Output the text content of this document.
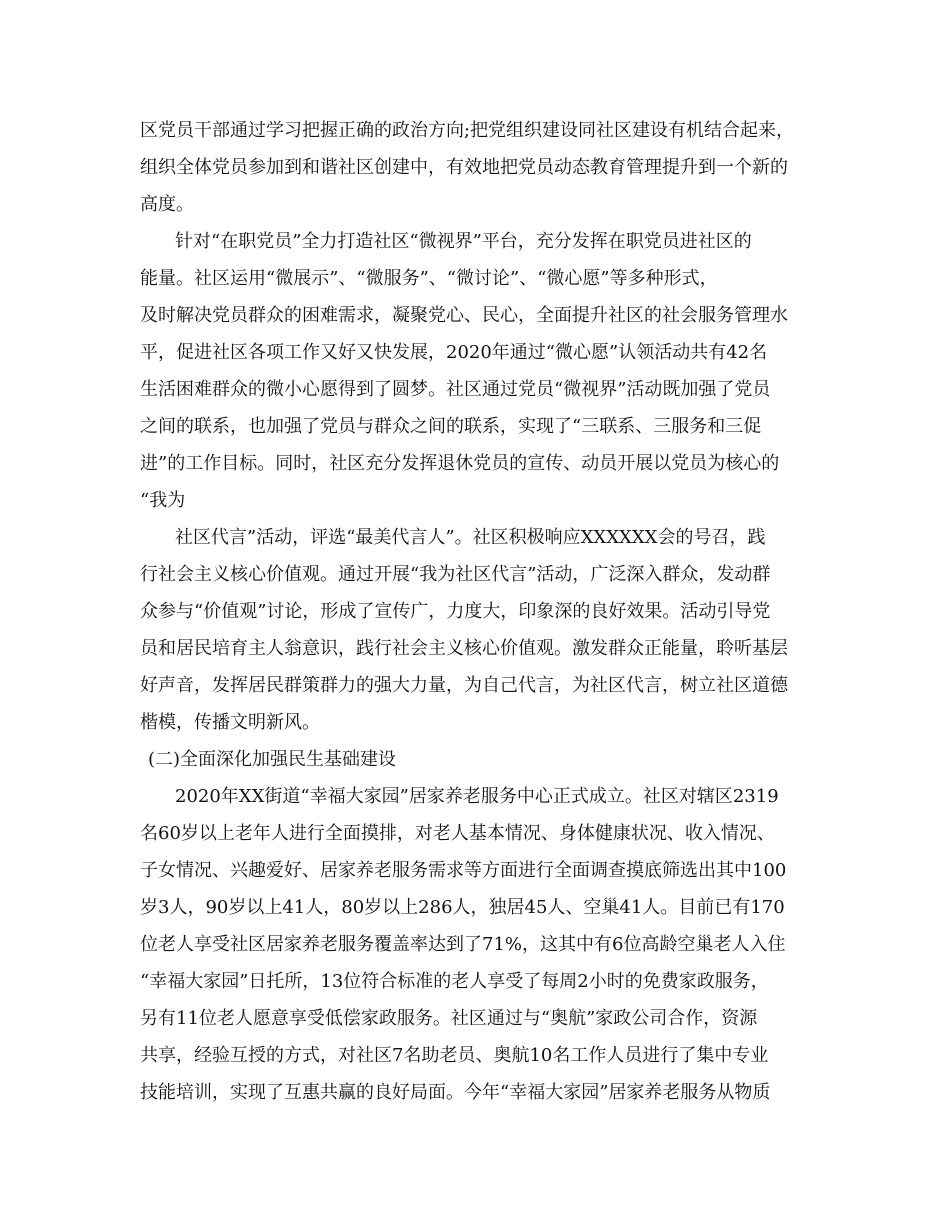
区党员干部通过学习把握正确的政治方向;把党组织建设同社区建设有机结合起来，
组织全体党员参加到和谐社区创建中，有效地把党员动态教育管理提升到一个新的
高度。
针对“在职党员”全力打造社区“微视界”平台，充分发挥在职党员进社区的
能量。社区运用“微展示”、“微服务”、“微讨论”、“微心愿”等多种形式，
及时解决党员群众的困难需求，凝聚党心、民心，全面提升社区的社会服务管理水
平，促进社区各项工作又好又快发展，2020年通过“微心愿”认领活动共有42名
生活困难群众的微小心愿得到了圆梦。社区通过党员“微视界”活动既加强了党员
之间的联系，也加强了党员与群众之间的联系，实现了“三联系、三服务和三促
进”的工作目标。同时，社区充分发挥退休党员的宣传、动员开展以党员为核心的
“我为
社区代言”活动，评选“最美代言人”。社区积极响应XXXXXX会的号召，践
行社会主义核心价值观。通过开展“我为社区代言”活动，广泛深入群众，发动群
众参与“价值观”讨论，形成了宣传广，力度大，印象深的良好效果。活动引导党
员和居民培育主人翁意识，践行社会主义核心价值观。激发群众正能量，聆听基层
好声音，发挥居民群策群力的强大力量，为自己代言，为社区代言，树立社区道德
楷模，传播文明新风。
(二)全面深化加强民生基础建设
2020年XX街道“幸福大家园”居家养老服务中心正式成立。社区对辖区2319
名60岁以上老年人进行全面摸排，对老人基本情况、身体健康状况、收入情况、
子女情况、兴趣爱好、居家养老服务需求等方面进行全面调查摸底筛选出其中100
岁3人，90岁以上41人，80岁以上286人，独居45人、空巢41人。目前已有170
位老人享受社区居家养老服务覆盖率达到了71%，这其中有6位高龄空巢老人入住
“幸福大家园”日托所，13位符合标准的老人享受了每周2小时的免费家政服务，
另有11位老人愿意享受低偿家政服务。社区通过与“奥航”家政公司合作，资源
共享，经验互授的方式，对社区7名助老员、奥航10名工作人员进行了集中专业
技能培训，实现了互惠共赢的良好局面。今年“幸福大家园”居家养老服务从物质
